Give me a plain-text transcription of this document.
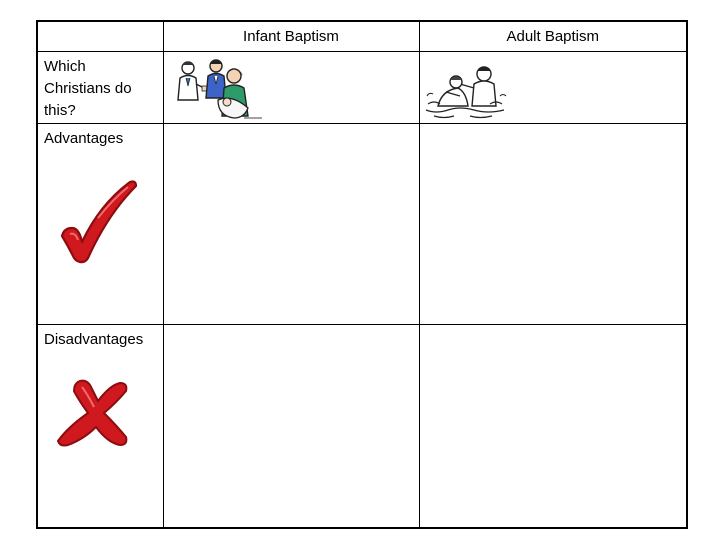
	Infant Baptism	Adult Baptism

Which Christians do this?

Advantages		

Disadvantages		
